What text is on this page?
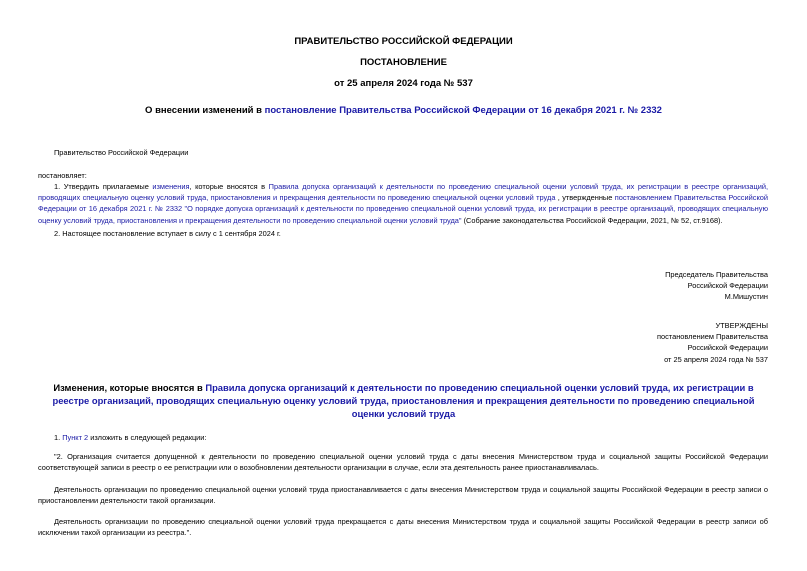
ПРАВИТЕЛЬСТВО РОССИЙСКОЙ ФЕДЕРАЦИИ
ПОСТАНОВЛЕНИЕ
от 25 апреля 2024 года № 537
О внесении изменений в постановление Правительства Российской Федерации от 16 декабря 2021 г. № 2332
Правительство Российской Федерации
постановляет:
1. Утвердить прилагаемые изменения, которые вносятся в Правила допуска организаций к деятельности по проведению специальной оценки условий труда, их регистрации в реестре организаций, проводящих специальную оценку условий труда, приостановления и прекращения деятельности по проведению специальной оценки условий труда , утвержденные постановлением Правительства Российской Федерации от 16 декабря 2021 г. № 2332 "О порядке допуска организаций к деятельности по проведению специальной оценки условий труда, их регистрации в реестре организаций, проводящих специальную оценку условий труда, приостановления и прекращения деятельности по проведению специальной оценки условий труда" (Собрание законодательства Российской Федерации, 2021, № 52, ст.9168).
2. Настоящее постановление вступает в силу с 1 сентября 2024 г.
Председатель Правительства
Российской Федерации
М.Мишустин
УТВЕРЖДЕНЫ
постановлением Правительства
Российской Федерации
от 25 апреля 2024 года № 537
Изменения, которые вносятся в Правила допуска организаций к деятельности по проведению специальной оценки условий труда, их регистрации в реестре организаций, проводящих специальную оценку условий труда, приостановления и прекращения деятельности по проведению специальной оценки условий труда
1. Пункт 2 изложить в следующей редакции:
"2. Организация считается допущенной к деятельности по проведению специальной оценки условий труда с даты внесения Министерством труда и социальной защиты Российской Федерации соответствующей записи в реестр о ее регистрации или о возобновлении деятельности организации в случае, если эта деятельность ранее приостанавливалась.
Деятельность организации по проведению специальной оценки условий труда приостанавливается с даты внесения Министерством труда и социальной защиты Российской Федерации в реестр записи о приостановлении деятельности такой организации.
Деятельность организации по проведению специальной оценки условий труда прекращается с даты внесения Министерством труда и социальной защиты Российской Федерации в реестр записи об исключении такой организации из реестра.".
